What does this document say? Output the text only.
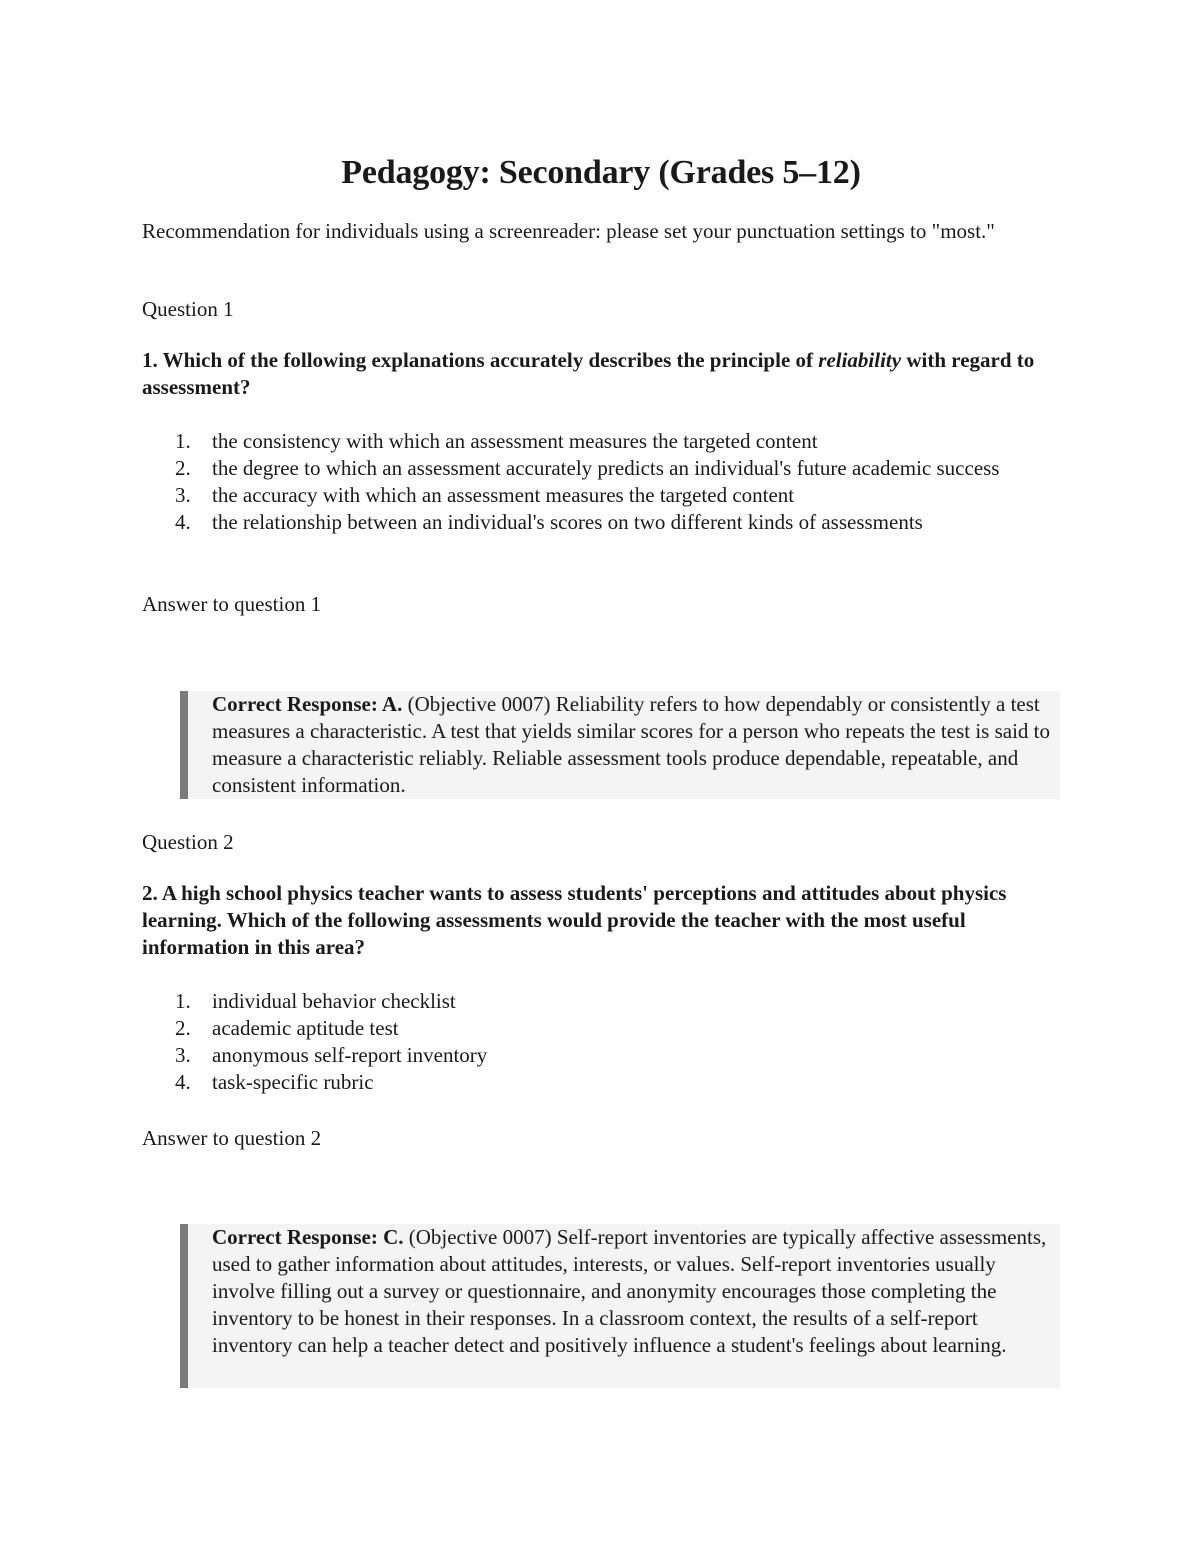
Pedagogy: Secondary (Grades 5–12)

Recommendation for individuals using a screenreader: please set your punctuation settings to "most."

Question 1

1. Which of the following explanations accurately describes the principle of reliability with regard to assessment?

1. the consistency with which an assessment measures the targeted content
2. the degree to which an assessment accurately predicts an individual's future academic success
3. the accuracy with which an assessment measures the targeted content
4. the relationship between an individual's scores on two different kinds of assessments

Answer to question 1

Correct Response: A. (Objective 0007) Reliability refers to how dependably or consistently a test measures a characteristic. A test that yields similar scores for a person who repeats the test is said to measure a characteristic reliably. Reliable assessment tools produce dependable, repeatable, and consistent information.

Question 2

2. A high school physics teacher wants to assess students' perceptions and attitudes about physics learning. Which of the following assessments would provide the teacher with the most useful information in this area?

1. individual behavior checklist
2. academic aptitude test
3. anonymous self-report inventory
4. task-specific rubric

Answer to question 2

Correct Response: C. (Objective 0007) Self-report inventories are typically affective assessments, used to gather information about attitudes, interests, or values. Self-report inventories usually involve filling out a survey or questionnaire, and anonymity encourages those completing the inventory to be honest in their responses. In a classroom context, the results of a self-report inventory can help a teacher detect and positively influence a student's feelings about learning.
